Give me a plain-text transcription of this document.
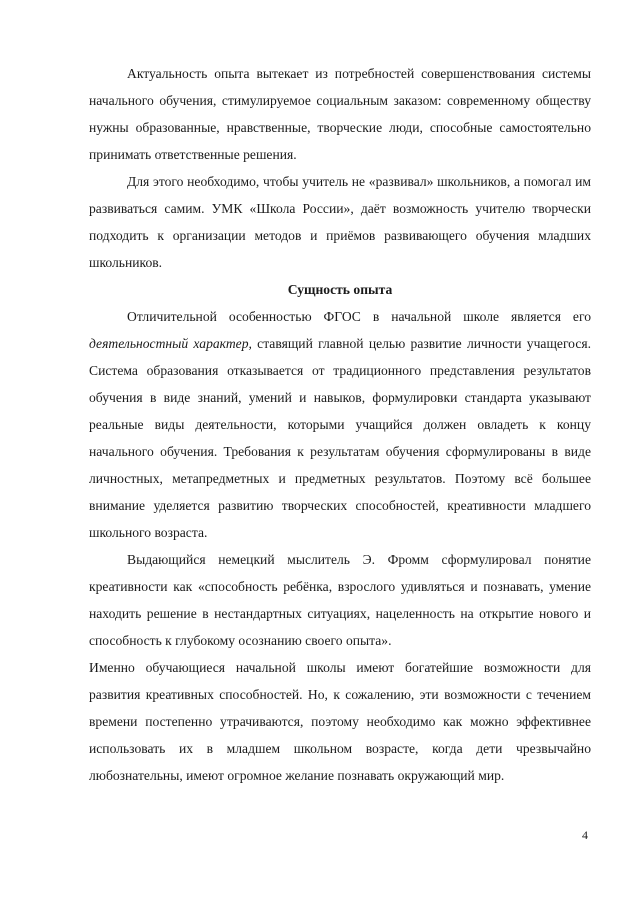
Актуальность опыта вытекает из потребностей совершенствования системы начального обучения, стимулируемое социальным заказом: современному обществу нужны образованные, нравственные, творческие люди, способные самостоятельно принимать ответственные решения.

Для этого необходимо, чтобы учитель не «развивал» школьников, а помогал им развиваться самим. УМК «Школа России», даёт возможность учителю творчески подходить к организации методов и приёмов развивающего обучения младших школьников.

Сущность опыта

Отличительной особенностью ФГОС в начальной школе является его деятельностный характер, ставящий главной целью развитие личности учащегося. Система образования отказывается от традиционного представления результатов обучения в виде знаний, умений и навыков, формулировки стандарта указывают реальные виды деятельности, которыми учащийся должен овладеть к концу начального обучения. Требования к результатам обучения сформулированы в виде личностных, метапредметных и предметных результатов. Поэтому всё большее внимание уделяется развитию творческих способностей, креативности младшего школьного возраста.

Выдающийся немецкий мыслитель Э. Фромм сформулировал понятие креативности как «способность ребёнка, взрослого удивляться и познавать, умение находить решение в нестандартных ситуациях, нацеленность на открытие нового и способность к глубокому осознанию своего опыта».

Именно обучающиеся начальной школы имеют богатейшие возможности для развития креативных способностей. Но, к сожалению, эти возможности с течением времени постепенно утрачиваются, поэтому необходимо как можно эффективнее использовать их в младшем школьном возрасте, когда дети чрезвычайно любознательны, имеют огромное желание познавать окружающий мир.

4
